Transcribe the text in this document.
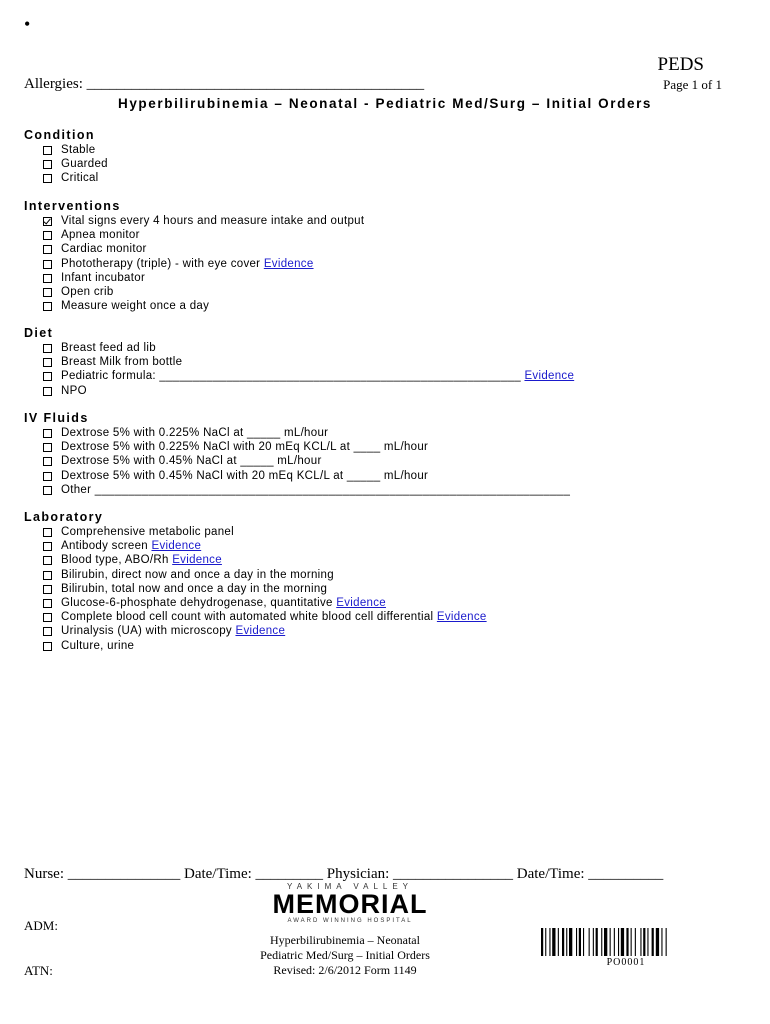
•
PEDS
Page 1 of 1
Allergies: _____________________________________________
Hyperbilirubinemia – Neonatal - Pediatric Med/Surg – Initial Orders
Condition
Stable
Guarded
Critical
Interventions
Vital signs every 4 hours and measure intake and output
Apnea monitor
Cardiac monitor
Phototherapy (triple) - with eye cover Evidence
Infant incubator
Open crib
Measure weight once a day
Diet
Breast feed ad lib
Breast Milk from bottle
Pediatric formula: ______________________________________________________ Evidence
NPO
IV Fluids
Dextrose 5% with 0.225% NaCl at _____ mL/hour
Dextrose 5% with 0.225% NaCl with 20 mEq KCL/L at ____ mL/hour
Dextrose 5% with 0.45% NaCl at _____ mL/hour
Dextrose 5% with 0.45% NaCl with 20 mEq KCL/L at _____ mL/hour
Other _______________________________________________________________________
Laboratory
Comprehensive metabolic panel
Antibody screen Evidence
Blood type, ABO/Rh Evidence
Bilirubin, direct now and once a day in the morning
Bilirubin, total now and once a day in the morning
Glucose-6-phosphate dehydrogenase, quantitative Evidence
Complete blood cell count with automated white blood cell differential Evidence
Urinalysis (UA) with microscopy Evidence
Culture, urine
Nurse: _______________ Date/Time: _________ Physician: ________________ Date/Time: __________
YAKIMA VALLEY
MEMORIAL
AWARD WINNING HOSPITAL
ADM:
ATN:
Hyperbilirubinemia – Neonatal
Pediatric Med/Surg – Initial Orders
Revised: 2/6/2012 Form 1149
PO0001
